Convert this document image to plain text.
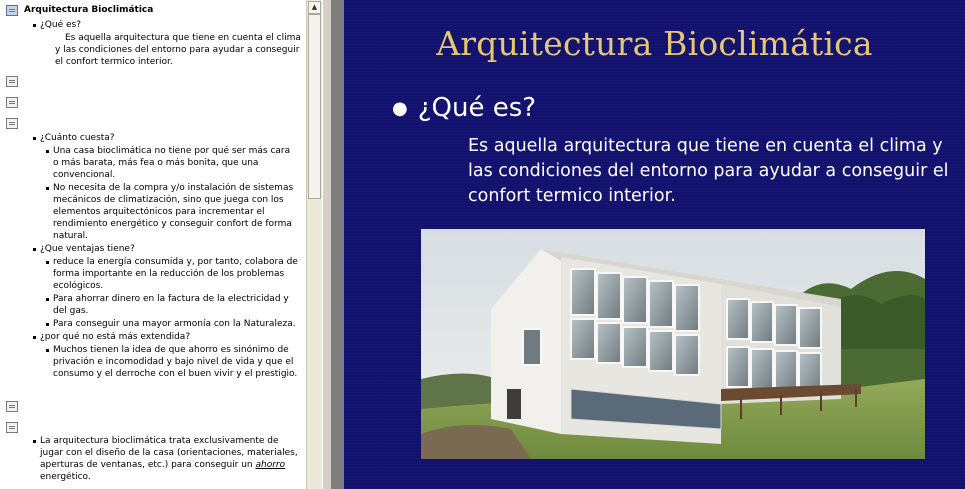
Arquitectura Bioclimática
¿Qué es?
Es aquella arquitectura que tiene en cuenta el clima y las condiciones del entorno para ayudar a conseguir el confort termico interior.
¿Cuánto cuesta?
Una casa bioclimática no tiene por qué ser más cara o más barata, más fea o más bonita, que una convencional.
No necesita de la compra y/o instalación de sistemas mecánicos de climatización, sino que juega con los elementos arquitectónicos para incrementar el rendimiento energético y conseguir confort de forma natural.
¿Que ventajas tiene?
reduce la energía consumida y, por tanto, colabora de forma importante en la reducción de los problemas ecológicos.
Para ahorrar dinero en la factura de la electricidad y del gas.
Para conseguir una mayor armonía con la Naturaleza.
¿por qué no está más extendida?
Muchos tienen la idea de que ahorro es sinónimo de privación e incomodidad y bajo nivel de vida y que el consumo y el derroche con el buen vivir y el prestigio.
La arquitectura bioclimática trata exclusivamente de jugar con el diseño de la casa (orientaciones, materiales, aperturas de ventanas, etc.) para conseguir un ahorro energético.
▲
Arquitectura Bioclimática
● ¿Qué es?
Es aquella arquitectura que tiene en cuenta el clima y las condiciones del entorno para ayudar a conseguir el confort termico interior.
